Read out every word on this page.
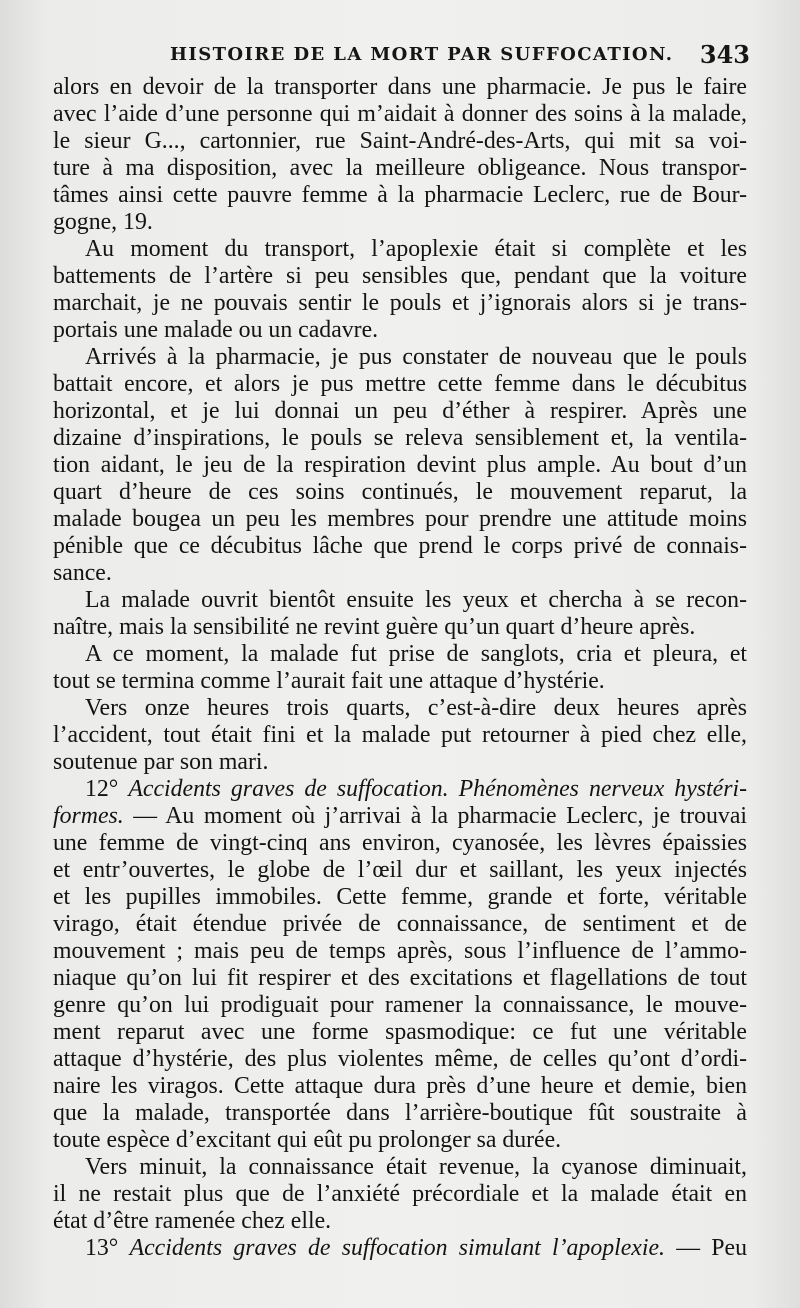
HISTOIRE DE LA MORT PAR SUFFOCATION. 343
alors en devoir de la transporter dans une pharmacie. Je pus le faire
avec l’aide d’une personne qui m’aidait à donner des soins à la malade,
le sieur G..., cartonnier, rue Saint-André-des-Arts, qui mit sa voi-
ture à ma disposition, avec la meilleure obligeance. Nous transpor-
tâmes ainsi cette pauvre femme à la pharmacie Leclerc, rue de Bour-
gogne, 19.
Au moment du transport, l’apoplexie était si complète et les
battements de l’artère si peu sensibles que, pendant que la voiture
marchait, je ne pouvais sentir le pouls et j’ignorais alors si je trans-
portais une malade ou un cadavre.
Arrivés à la pharmacie, je pus constater de nouveau que le pouls
battait encore, et alors je pus mettre cette femme dans le décubitus
horizontal, et je lui donnai un peu d’éther à respirer. Après une
dizaine d’inspirations, le pouls se releva sensiblement et, la ventila-
tion aidant, le jeu de la respiration devint plus ample. Au bout d’un
quart d’heure de ces soins continués, le mouvement reparut, la
malade bougea un peu les membres pour prendre une attitude moins
pénible que ce décubitus lâche que prend le corps privé de connais-
sance.
La malade ouvrit bientôt ensuite les yeux et chercha à se recon-
naître, mais la sensibilité ne revint guère qu’un quart d’heure après.
A ce moment, la malade fut prise de sanglots, cria et pleura, et
tout se termina comme l’aurait fait une attaque d’hystérie.
Vers onze heures trois quarts, c’est-à-dire deux heures après
l’accident, tout était fini et la malade put retourner à pied chez elle,
soutenue par son mari.
12° Accidents graves de suffocation. Phénomènes nerveux hystéri-
formes. — Au moment où j’arrivai à la pharmacie Leclerc, je trouvai
une femme de vingt-cinq ans environ, cyanosée, les lèvres épaissies
et entr’ouvertes, le globe de l’œil dur et saillant, les yeux injectés
et les pupilles immobiles. Cette femme, grande et forte, véritable
virago, était étendue privée de connaissance, de sentiment et de
mouvement ; mais peu de temps après, sous l’influence de l’ammo-
niaque qu’on lui fit respirer et des excitations et flagellations de tout
genre qu’on lui prodiguait pour ramener la connaissance, le mouve-
ment reparut avec une forme spasmodique: ce fut une véritable
attaque d’hystérie, des plus violentes même, de celles qu’ont d’ordi-
naire les viragos. Cette attaque dura près d’une heure et demie, bien
que la malade, transportée dans l’arrière-boutique fût soustraite à
toute espèce d’excitant qui eût pu prolonger sa durée.
Vers minuit, la connaissance était revenue, la cyanose diminuait,
il ne restait plus que de l’anxiété précordiale et la malade était en
état d’être ramenée chez elle.
13° Accidents graves de suffocation simulant l’apoplexie. — Peu
